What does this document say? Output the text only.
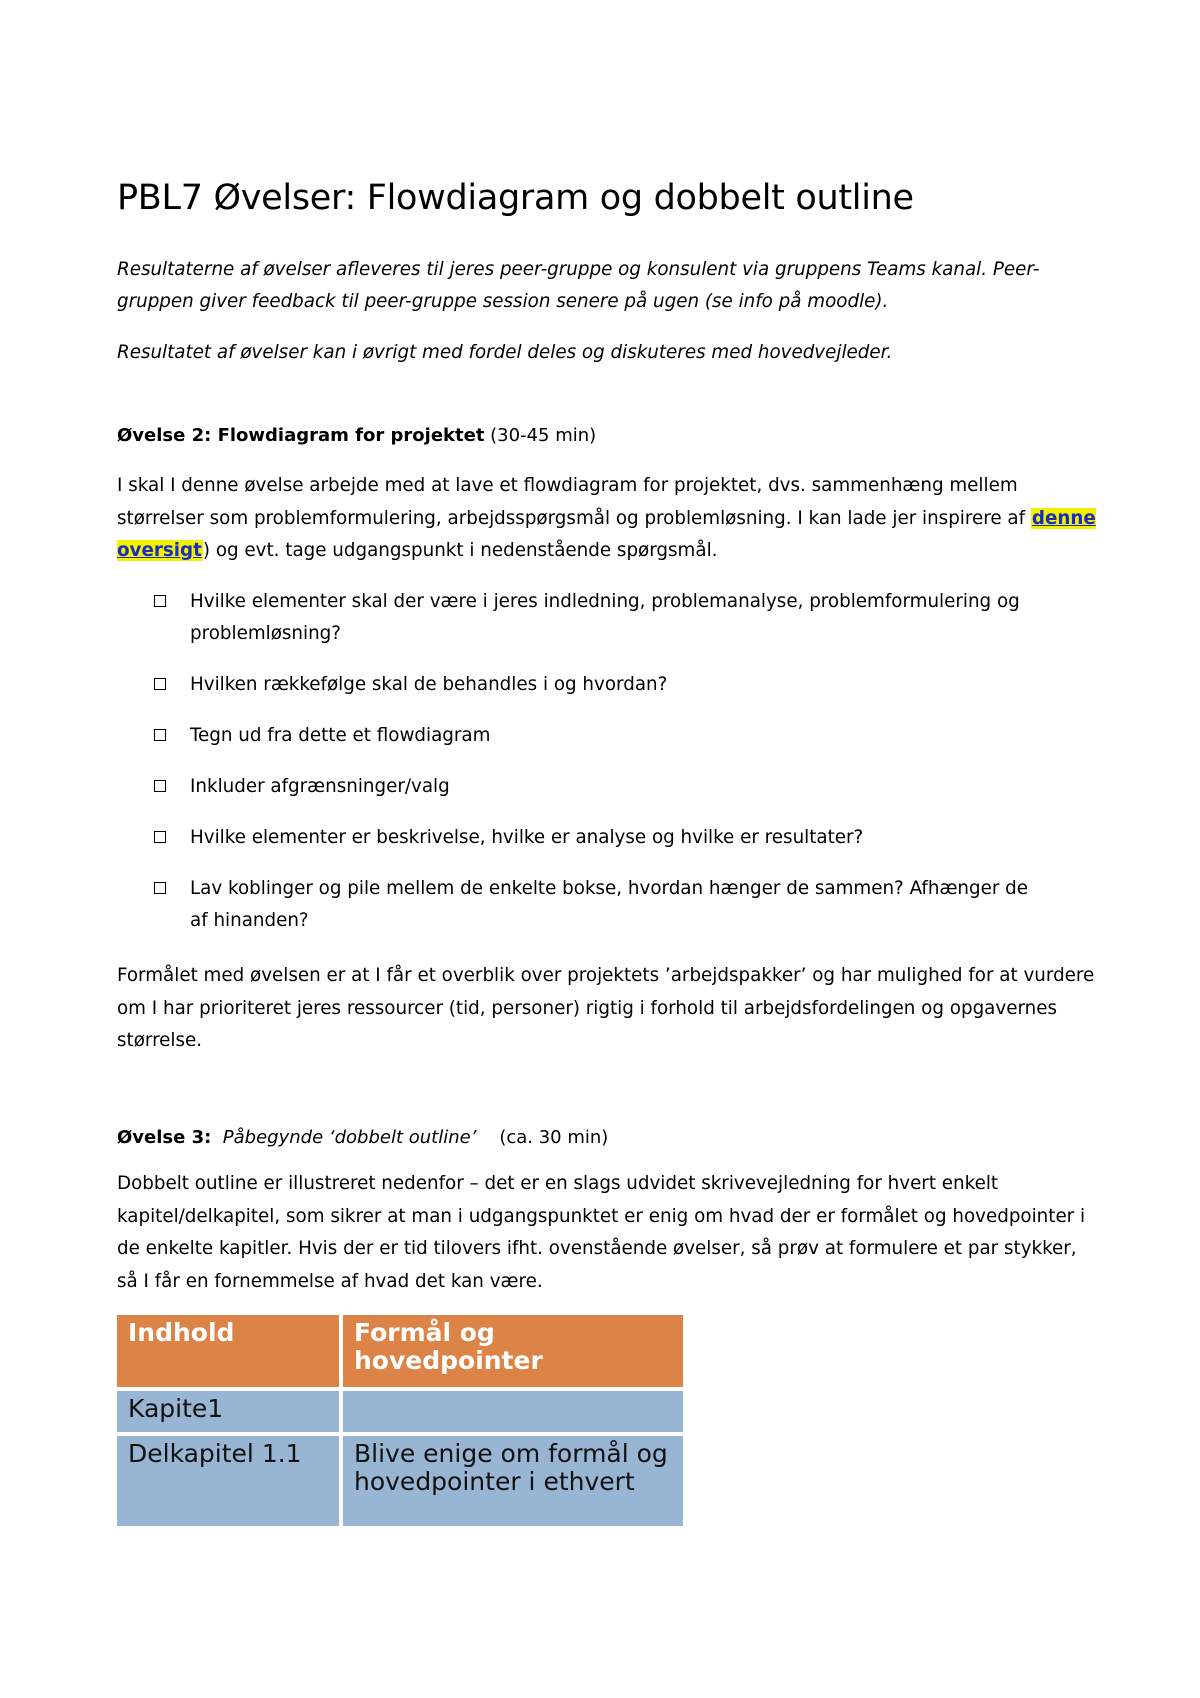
PBL7 Øvelser: Flowdiagram og dobbelt outline
Resultaterne af øvelser afleveres til jeres peer-gruppe og konsulent via gruppens Teams kanal. Peer-gruppen giver feedback til peer-gruppe session senere på ugen (se info på moodle).
Resultatet af øvelser kan i øvrigt med fordel deles og diskuteres med hovedvejleder.
Øvelse 2: Flowdiagram for projektet (30-45 min)
I skal I denne øvelse arbejde med at lave et flowdiagram for projektet, dvs. sammenhæng mellem størrelser som problemformulering, arbejdsspørgsmål og problemløsning. I kan lade jer inspirere af denne oversigt) og evt. tage udgangspunkt i nedenstående spørgsmål.
Hvilke elementer skal der være i jeres indledning, problemanalyse, problemformulering og problemløsning?
Hvilken rækkefølge skal de behandles i og hvordan?
Tegn ud fra dette et flowdiagram
Inkluder afgrænsninger/valg
Hvilke elementer er beskrivelse, hvilke er analyse og hvilke er resultater?
Lav koblinger og pile mellem de enkelte bokse, hvordan hænger de sammen? Afhænger de af hinanden?
Formålet med øvelsen er at I får et overblik over projektets ’arbejdspakker’ og har mulighed for at vurdere om I har prioriteret jeres ressourcer (tid, personer) rigtig i forhold til arbejdsfordelingen og opgavernes størrelse.
Øvelse 3: Påbegynde ‘dobbelt outline’ (ca. 30 min)
Dobbelt outline er illustreret nedenfor – det er en slags udvidet skrivevejledning for hvert enkelt kapitel/delkapitel, som sikrer at man i udgangspunktet er enig om hvad der er formålet og hovedpointer i de enkelte kapitler. Hvis der er tid tilovers ifht. ovenstående øvelser, så prøv at formulere et par stykker, så I får en fornemmelse af hvad det kan være.
Indhold	Formål og hovedpointer
Kapite1	
Delkapitel 1.1	Blive enige om formål og hovedpointer i ethvert
